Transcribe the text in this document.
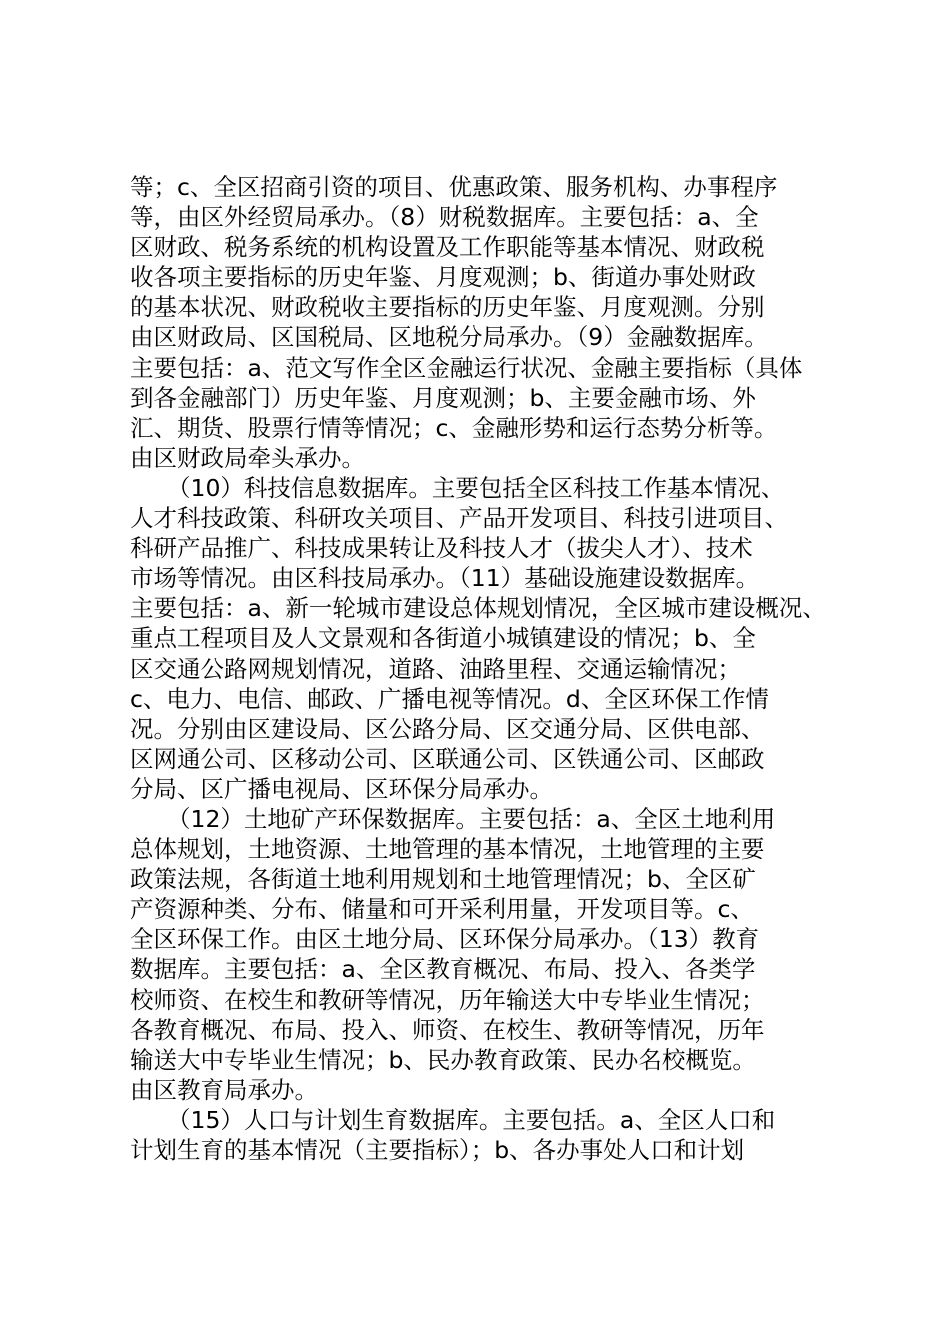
等；c、全区招商引资的项目、优惠政策、服务机构、办事程序
等，由区外经贸局承办。（8）财税数据库。主要包括：a、全
区财政、税务系统的机构设置及工作职能等基本情况、财政税
收各项主要指标的历史年鉴、月度观测；b、街道办事处财政
的基本状况、财政税收主要指标的历史年鉴、月度观测。分别
由区财政局、区国税局、区地税分局承办。（9）金融数据库。
主要包括：a、范文写作全区金融运行状况、金融主要指标（具体
到各金融部门）历史年鉴、月度观测；b、主要金融市场、外
汇、期货、股票行情等情况；c、金融形势和运行态势分析等。
由区财政局牵头承办。
（10）科技信息数据库。主要包括全区科技工作基本情况、
人才科技政策、科研攻关项目、产品开发项目、科技引进项目、
科研产品推广、科技成果转让及科技人才（拔尖人才）、技术
市场等情况。由区科技局承办。（11）基础设施建设数据库。
主要包括：a、新一轮城市建设总体规划情况，全区城市建设概况、
重点工程项目及人文景观和各街道小城镇建设的情况；b、全
区交通公路网规划情况，道路、油路里程、交通运输情况；
c、电力、电信、邮政、广播电视等情况。d、全区环保工作情
况。分别由区建设局、区公路分局、区交通分局、区供电部、
区网通公司、区移动公司、区联通公司、区铁通公司、区邮政
分局、区广播电视局、区环保分局承办。
（12）土地矿产环保数据库。主要包括：a、全区土地利用
总体规划，土地资源、土地管理的基本情况，土地管理的主要
政策法规，各街道土地利用规划和土地管理情况；b、全区矿
产资源种类、分布、储量和可开采利用量，开发项目等。c、
全区环保工作。由区土地分局、区环保分局承办。（13）教育
数据库。主要包括：a、全区教育概况、布局、投入、各类学
校师资、在校生和教研等情况，历年输送大中专毕业生情况；
各教育概况、布局、投入、师资、在校生、教研等情况，历年
输送大中专毕业生情况；b、民办教育政策、民办名校概览。
由区教育局承办。
（15）人口与计划生育数据库。主要包括。a、全区人口和
计划生育的基本情况（主要指标）；b、各办事处人口和计划
